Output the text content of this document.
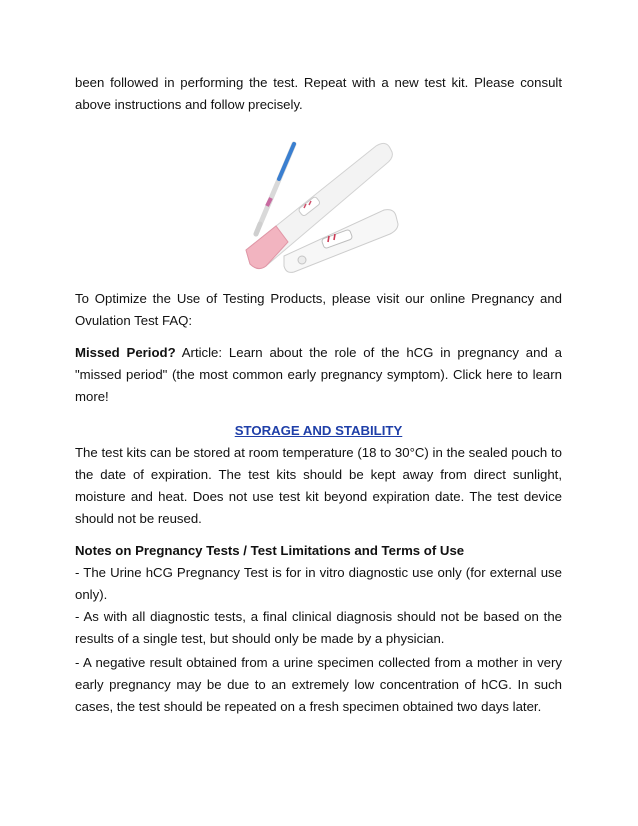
been followed in performing the test. Repeat with a new test kit. Please consult above instructions and follow precisely.

To Optimize the Use of Testing Products, please visit our online Pregnancy and Ovulation Test FAQ:

Missed Period? Article: Learn about the role of the hCG in pregnancy and a "missed period" (the most common early pregnancy symptom). Click here to learn more!

STORAGE AND STABILITY

The test kits can be stored at room temperature (18 to 30°C) in the sealed pouch to the date of expiration. The test kits should be kept away from direct sunlight, moisture and heat. Does not use test kit beyond expiration date. The test device should not be reused.

Notes on Pregnancy Tests / Test Limitations and Terms of Use

- The Urine hCG Pregnancy Test is for in vitro diagnostic use only (for external use only).

- As with all diagnostic tests, a final clinical diagnosis should not be based on the results of a single test, but should only be made by a physician.

- A negative result obtained from a urine specimen collected from a mother in very early pregnancy may be due to an extremely low concentration of hCG. In such cases, the test should be repeated on a fresh specimen obtained two days later.
